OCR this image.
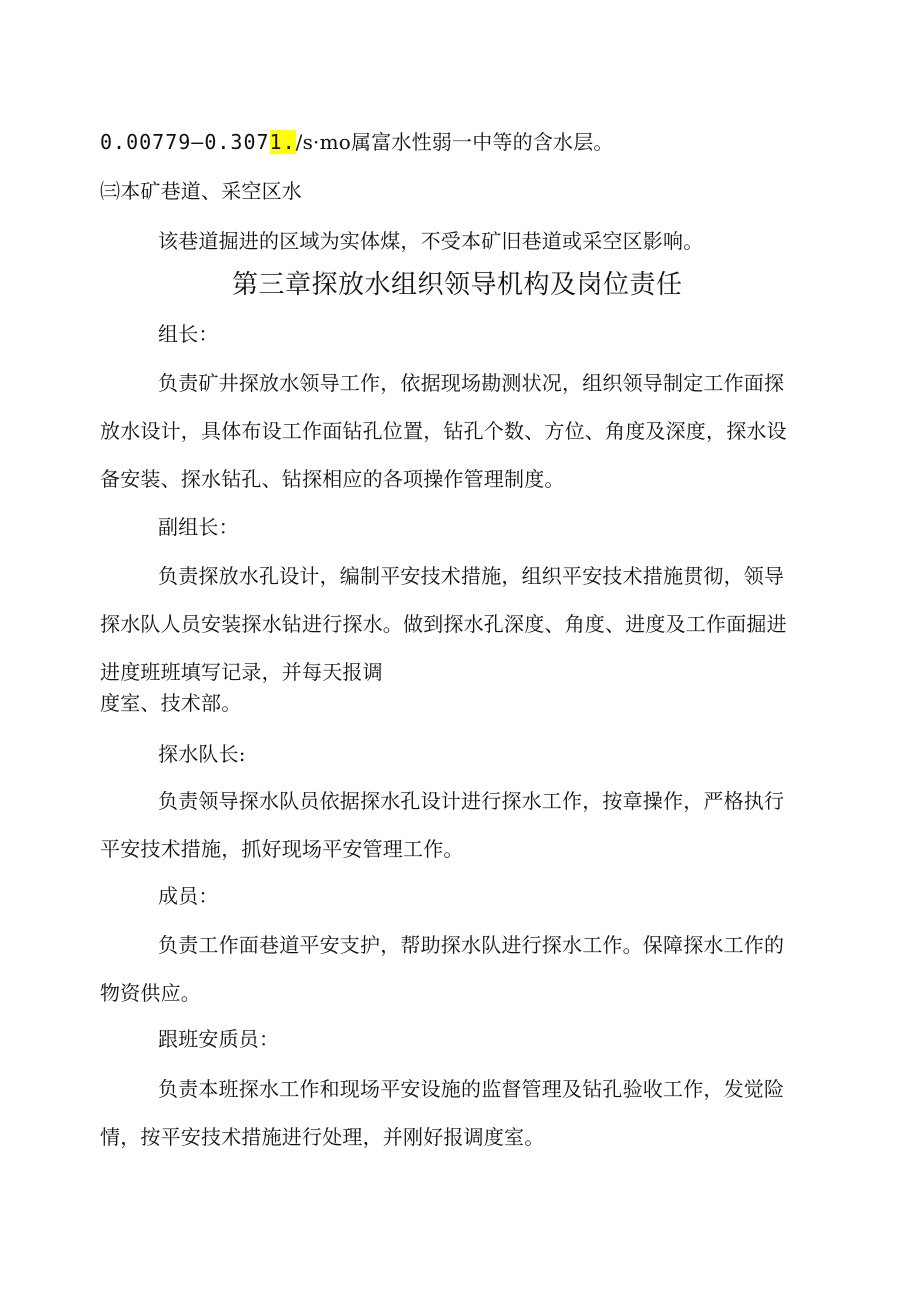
0.00779—0.3071./s·mo属富水性弱一中等的含水层。
㈢本矿巷道、采空区水
该巷道掘进的区域为实体煤，不受本矿旧巷道或采空区影响。
第三章探放水组织领导机构及岗位责任
组长：
负责矿井探放水领导工作，依据现场勘测状况，组织领导制定工作面探
放水设计，具体布设工作面钻孔位置，钻孔个数、方位、角度及深度，探水设
备安装、探水钻孔、钻探相应的各项操作管理制度。
副组长：
负责探放水孔设计，编制平安技术措施，组织平安技术措施贯彻，领导
探水队人员安装探水钻进行探水。做到探水孔深度、角度、进度及工作面掘进
进度班班填写记录，并每天报调
度室、技术部。
探水队长:
负责领导探水队员依据探水孔设计进行探水工作，按章操作，严格执行
平安技术措施，抓好现场平安管理工作。
成员：
负责工作面巷道平安支护，帮助探水队进行探水工作。保障探水工作的
物资供应。
跟班安质员：
负责本班探水工作和现场平安设施的监督管理及钻孔验收工作，发觉险
情，按平安技术措施进行处理，并刚好报调度室。
